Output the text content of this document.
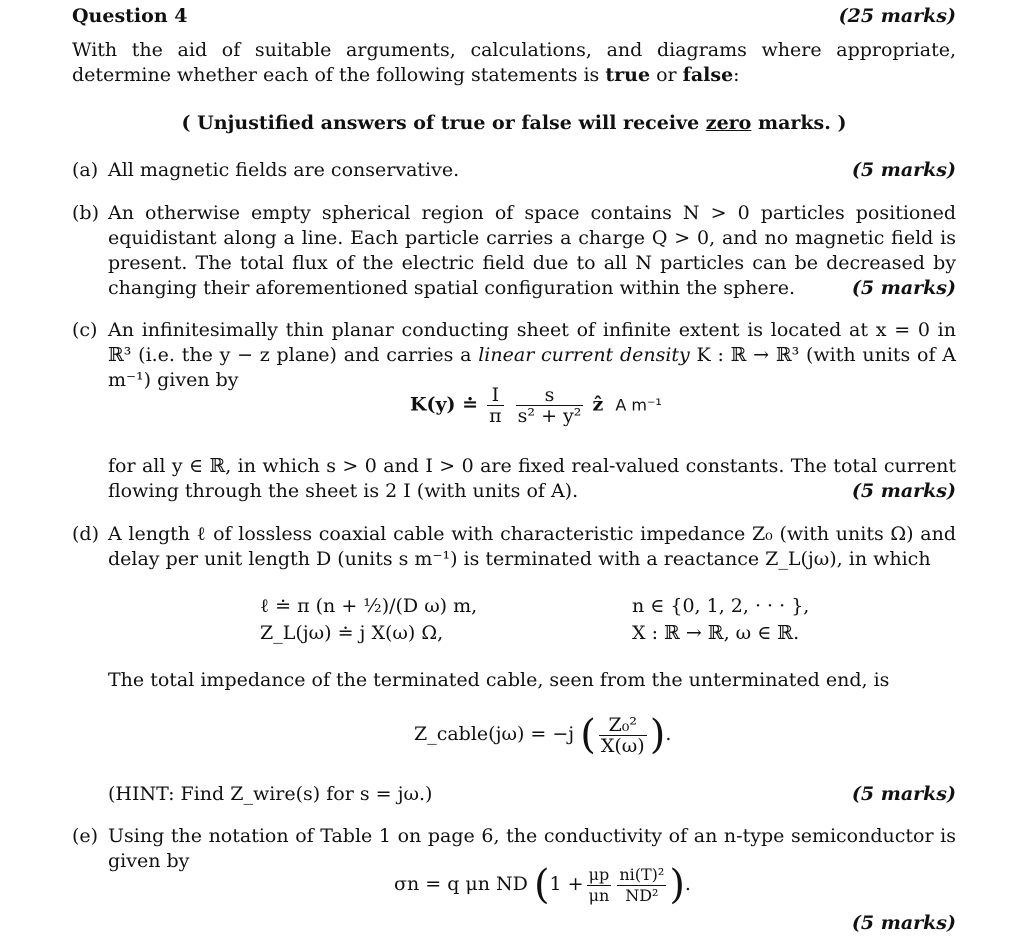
Question 4	(25 marks)
With the aid of suitable arguments, calculations, and diagrams where appropriate, determine whether each of the following statements is true or false:
( Unjustified answers of true or false will receive zero marks. )
(a) All magnetic fields are conservative.	(5 marks)
(b) An otherwise empty spherical region of space contains N > 0 particles positioned equidistant along a line. Each particle carries a charge Q > 0, and no magnetic field is present. The total flux of the electric field due to all N particles can be decreased by changing their aforementioned spatial configuration within the sphere.	(5 marks)
(c) An infinitesimally thin planar conducting sheet of infinite extent is located at x = 0 in ℝ³ (i.e. the y − z plane) and carries a linear current density K : ℝ → ℝ³ (with units of A m⁻¹) given by
K(y) ≐ $\frac{I}{\pi}$
$\frac{s}{\text{s² + y²}}$ ẑ A m⁻¹
for all y ∈ ℝ, in which s > 0 and I > 0 are fixed real-valued constants. The total current flowing through the sheet is 2 I (with units of A).	(5 marks)
(d) A length ℓ of lossless coaxial cable with characteristic impedance Z₀ (with units Ω) and delay per unit length D (units s m⁻¹) is terminated with a reactance Z_L(jω), in which
ℓ ≐ π (n + ½)/(D ω) m,	n ∈ {0, 1, 2, · · · },
Z_L(jω) ≐ j X(ω) Ω,	X : ℝ → ℝ, ω ∈ ℝ.
The total impedance of the terminated cable, seen from the unterminated end, is
Z_cable(jω) = −j ( $\frac{\text{Z₀²}}{X(\omega)}$ ).
(HINT: Find Z_wire(s) for s = jω.)	(5 marks)
(e) Using the notation of Table 1 on page 6, the conductivity of an n-type semiconductor is given by
σn = q μn ND ($1 + \frac{\mu p}{\mu n} \frac{\text{ni(T)²}}{\text{ND²}}$ ).
(5 marks)
